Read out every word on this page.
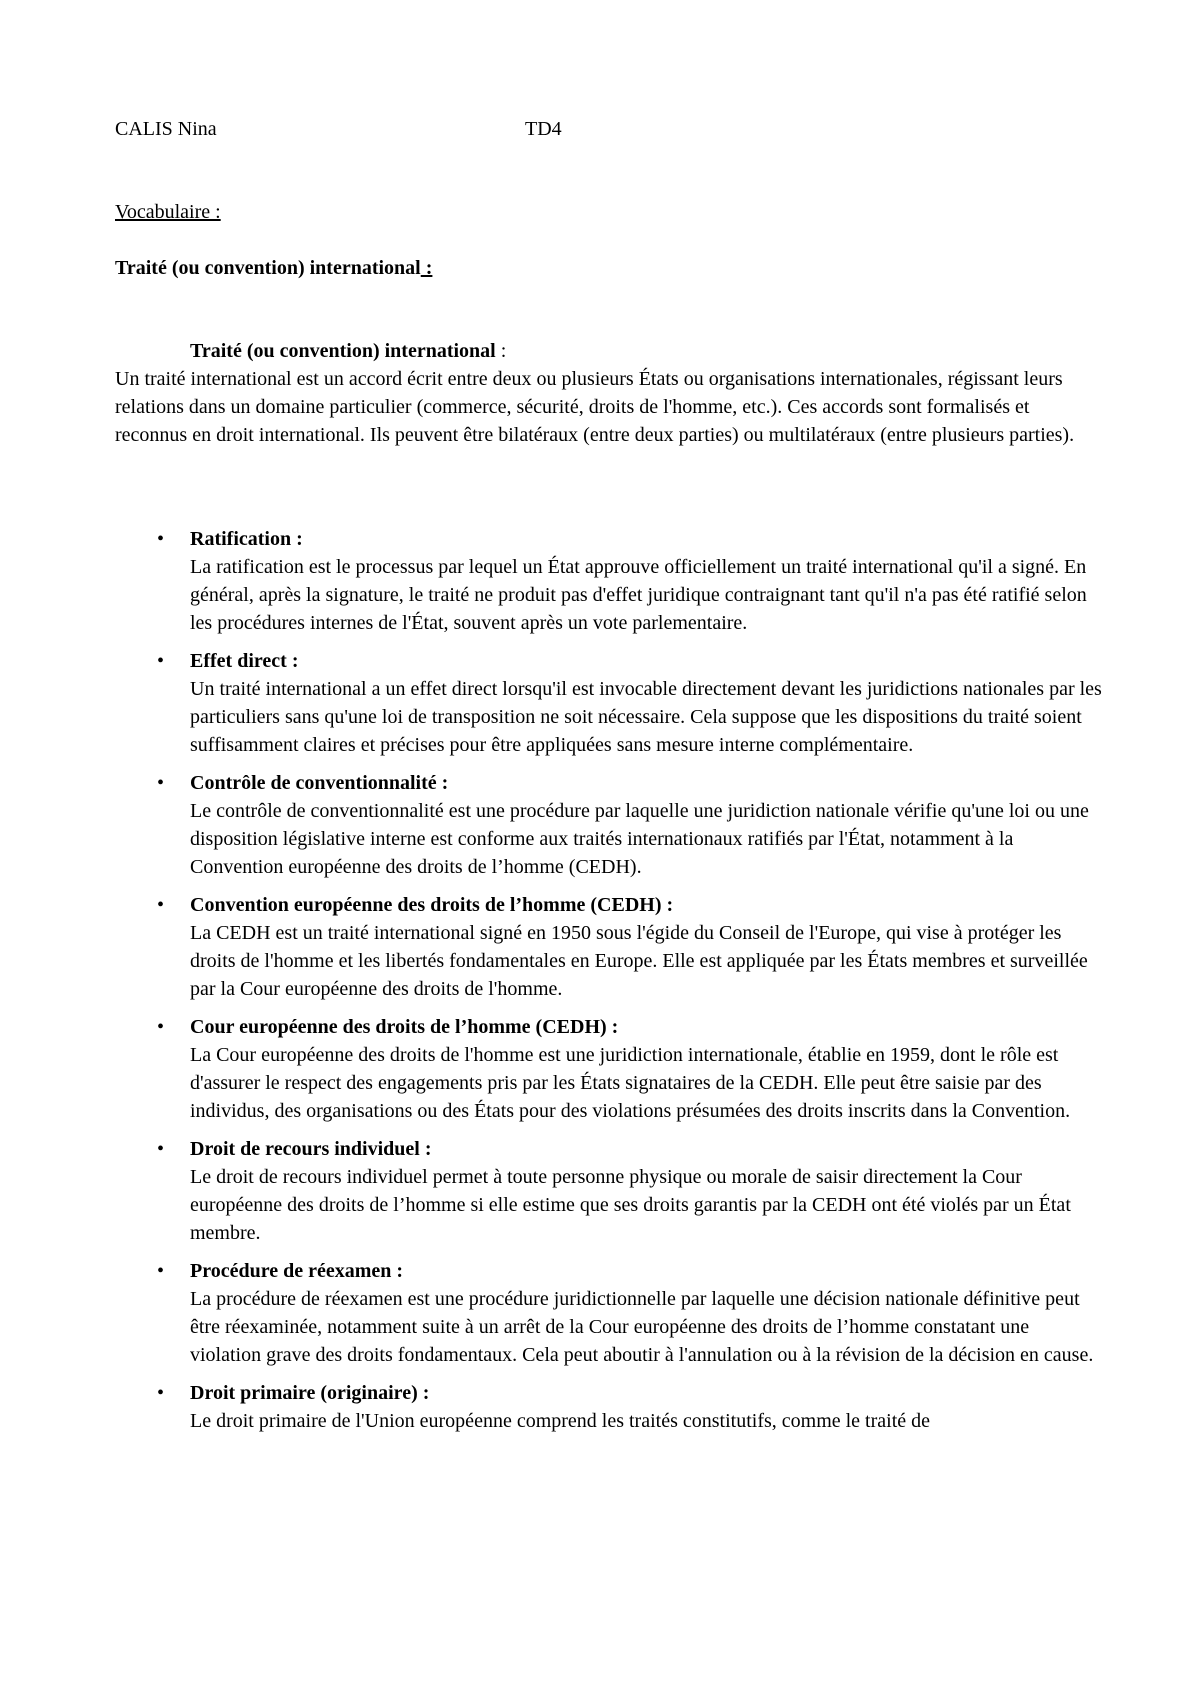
CALIS Nina	TD4
Vocabulaire :
Traité (ou convention) international :
Traité (ou convention) international :

Un traité international est un accord écrit entre deux ou plusieurs États ou organisations internationales, régissant leurs relations dans un domaine particulier (commerce, sécurité, droits de l'homme, etc.). Ces accords sont formalisés et reconnus en droit international. Ils peuvent être bilatéraux (entre deux parties) ou multilatéraux (entre plusieurs parties).

• Ratification :
La ratification est le processus par lequel un État approuve officiellement un traité international qu'il a signé. En général, après la signature, le traité ne produit pas d'effet juridique contraignant tant qu'il n'a pas été ratifié selon les procédures internes de l'État, souvent après un vote parlementaire.
• Effet direct :
Un traité international a un effet direct lorsqu'il est invocable directement devant les juridictions nationales par les particuliers sans qu'une loi de transposition ne soit nécessaire. Cela suppose que les dispositions du traité soient suffisamment claires et précises pour être appliquées sans mesure interne complémentaire.
• Contrôle de conventionnalité :
Le contrôle de conventionnalité est une procédure par laquelle une juridiction nationale vérifie qu'une loi ou une disposition législative interne est conforme aux traités internationaux ratifiés par l'État, notamment à la Convention européenne des droits de l’homme (CEDH).
• Convention européenne des droits de l’homme (CEDH) :
La CEDH est un traité international signé en 1950 sous l'égide du Conseil de l'Europe, qui vise à protéger les droits de l'homme et les libertés fondamentales en Europe. Elle est appliquée par les États membres et surveillée par la Cour européenne des droits de l'homme.
• Cour européenne des droits de l’homme (CEDH) :
La Cour européenne des droits de l'homme est une juridiction internationale, établie en 1959, dont le rôle est d'assurer le respect des engagements pris par les États signataires de la CEDH. Elle peut être saisie par des individus, des organisations ou des États pour des violations présumées des droits inscrits dans la Convention.
• Droit de recours individuel :
Le droit de recours individuel permet à toute personne physique ou morale de saisir directement la Cour européenne des droits de l’homme si elle estime que ses droits garantis par la CEDH ont été violés par un État membre.
• Procédure de réexamen :
La procédure de réexamen est une procédure juridictionnelle par laquelle une décision nationale définitive peut être réexaminée, notamment suite à un arrêt de la Cour européenne des droits de l’homme constatant une violation grave des droits fondamentaux. Cela peut aboutir à l'annulation ou à la révision de la décision en cause.
• Droit primaire (originaire) :
Le droit primaire de l'Union européenne comprend les traités constitutifs, comme le traité de
